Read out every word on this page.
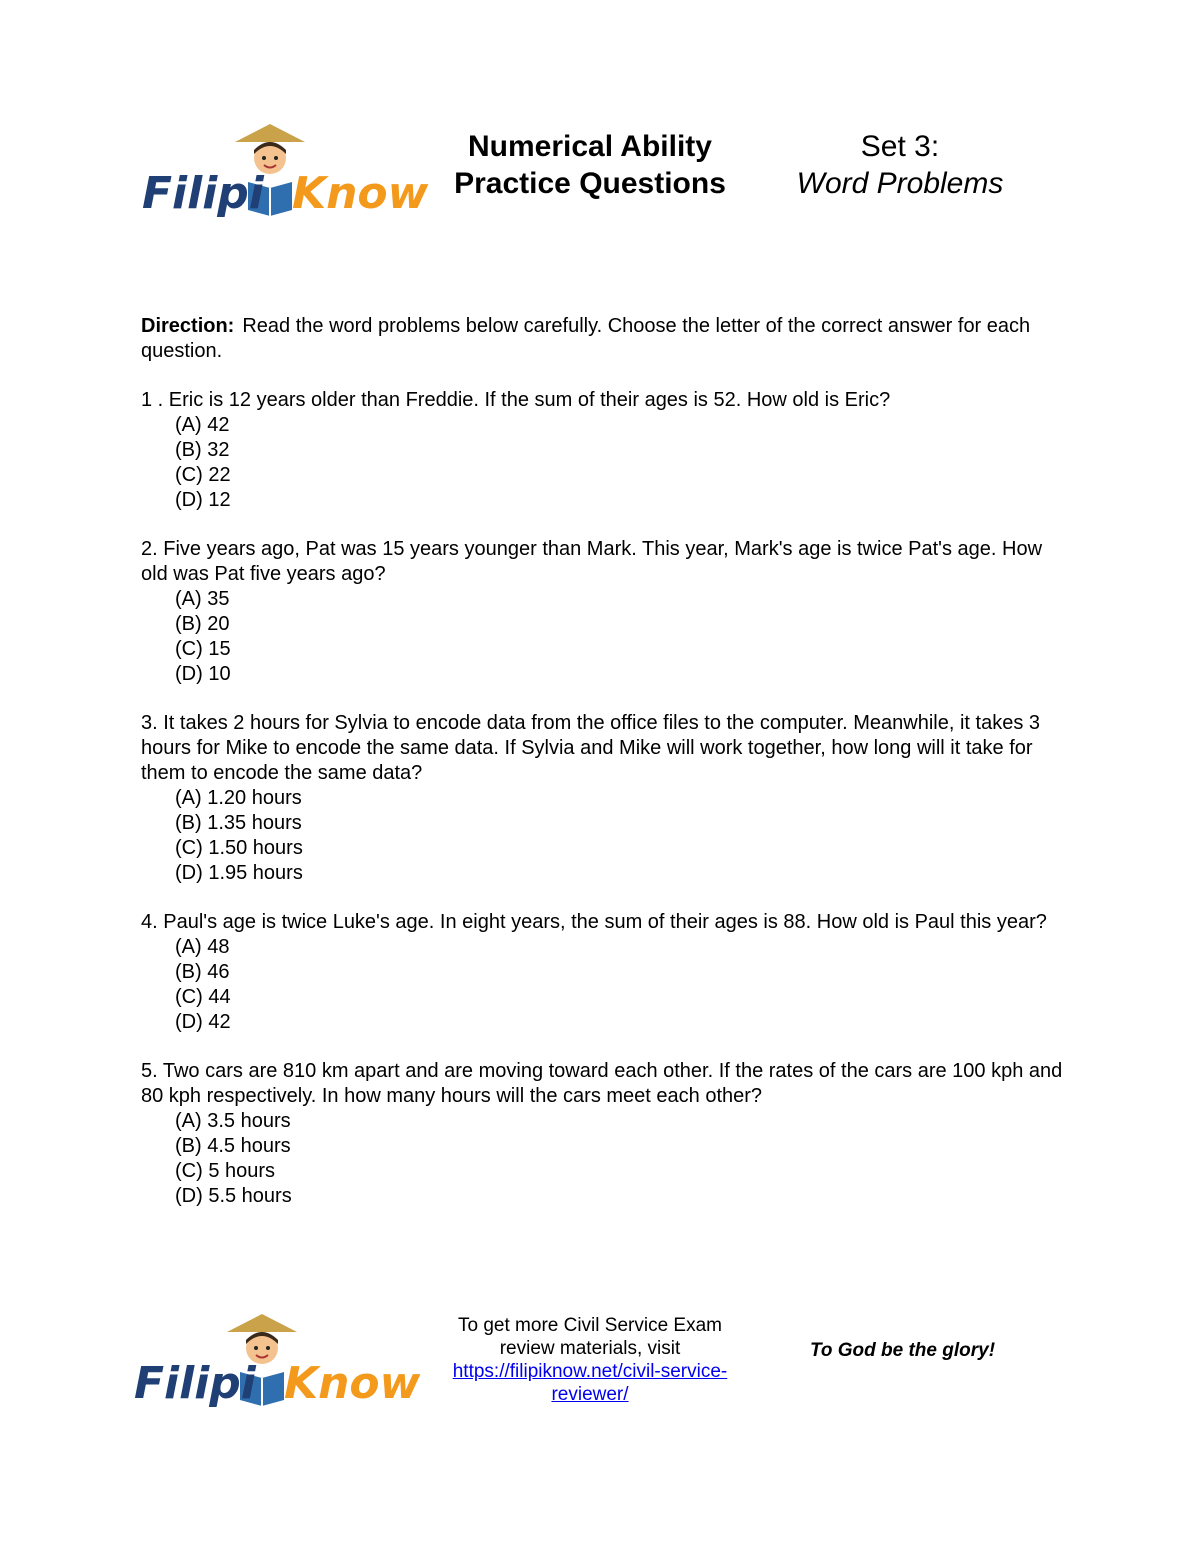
Filipi Know
Numerical Ability
Practice Questions
Set 3:
Word Problems

Direction: Read the word problems below carefully. Choose the letter of the correct answer for each question.

1 . Eric is 12 years older than Freddie. If the sum of their ages is 52. How old is Eric?

(A) 42
(B) 32
(C) 22
(D) 12

2. Five years ago, Pat was 15 years younger than Mark. This year, Mark's age is twice Pat's age. How old was Pat five years ago?

(A) 35
(B) 20
(C) 15
(D) 10

3. It takes 2 hours for Sylvia to encode data from the office files to the computer. Meanwhile, it takes 3 hours for Mike to encode the same data. If Sylvia and Mike will work together, how long will it take for them to encode the same data?

(A) 1.20 hours
(B) 1.35 hours
(C) 1.50 hours
(D) 1.95 hours

4. Paul's age is twice Luke's age. In eight years, the sum of their ages is 88. How old is Paul this year?

(A) 48
(B) 46
(C) 44
(D) 42

5. Two cars are 810 km apart and are moving toward each other. If the rates of the cars are 100 kph and 80 kph respectively. In how many hours will the cars meet each other?

(A) 3.5 hours
(B) 4.5 hours
(C) 5 hours
(D) 5.5 hours
Filipi Know
To get more Civil Service Exam
review materials, visit
https://filipiknow.net/civil-service-
reviewer/
To God be the glory!
